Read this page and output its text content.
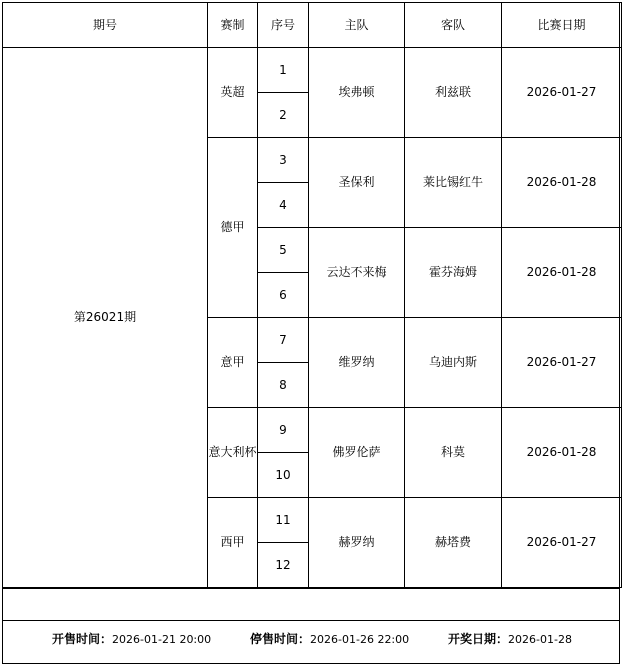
期号	赛制	序号	主队	客队	比赛日期
第26021期	英超	1	埃弗顿	利兹联	2026-01-27
		2			
	德甲	3	圣保利	莱比锡红牛	2026-01-28
		4			
		5	云达不来梅	霍芬海姆	2026-01-28
		6			
	意甲	7	维罗纳	乌迪内斯	2026-01-27
		8			
	意大利杯	9	佛罗伦萨	科莫	2026-01-28
		10			
	西甲	11	赫罗纳	赫塔费	2026-01-27
		12			
开售时间：2026-01-21 20:00	停售时间：2026-01-26 22:00	开奖日期：2026-01-28
